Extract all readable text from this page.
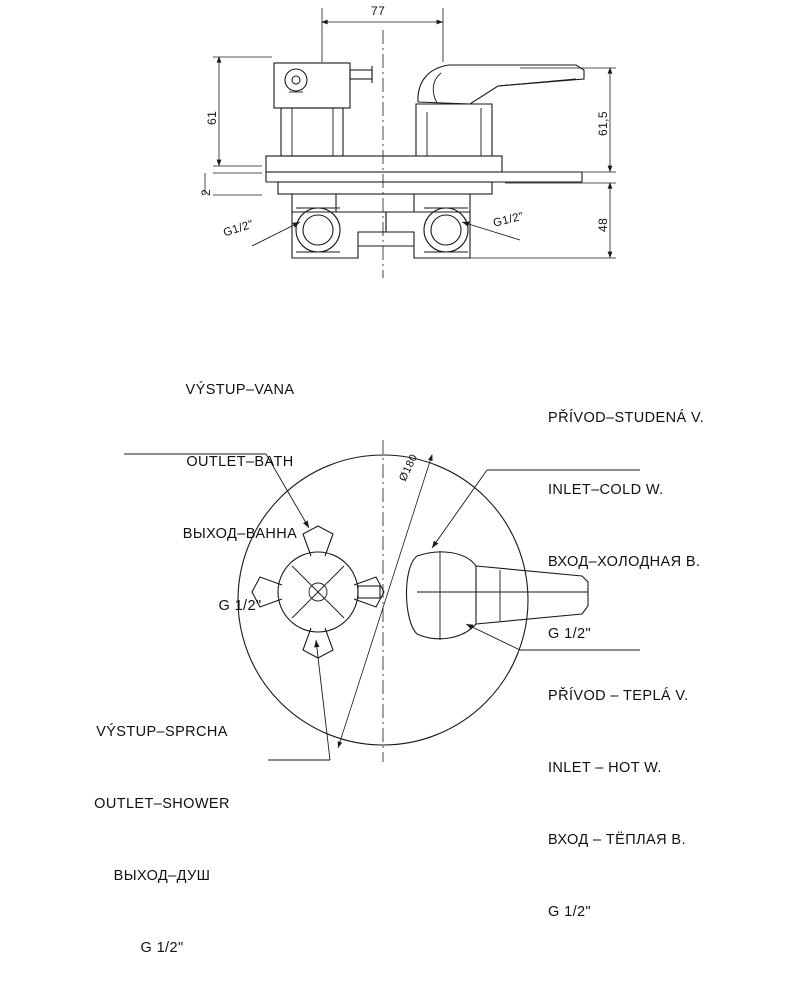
77
61
2
61,5
48
Ø180
G1/2"	G1/2"

VÝSTUP–VANA

OUTLET–BATH

ВЫХОД–ВАННА

G 1/2"

PŘÍVOD–STUDENÁ V.

INLET–COLD W.

ВХОД–ХОЛОДНАЯ В.

G 1/2"

PŘÍVOD – TEPLÁ V.

INLET – HOT W.

ВХОД – TЁПЛАЯ В.

G 1/2"

VÝSTUP–SPRCHA

OUTLET–SHOWER

ВЫХОД–ДУШ

G 1/2"
